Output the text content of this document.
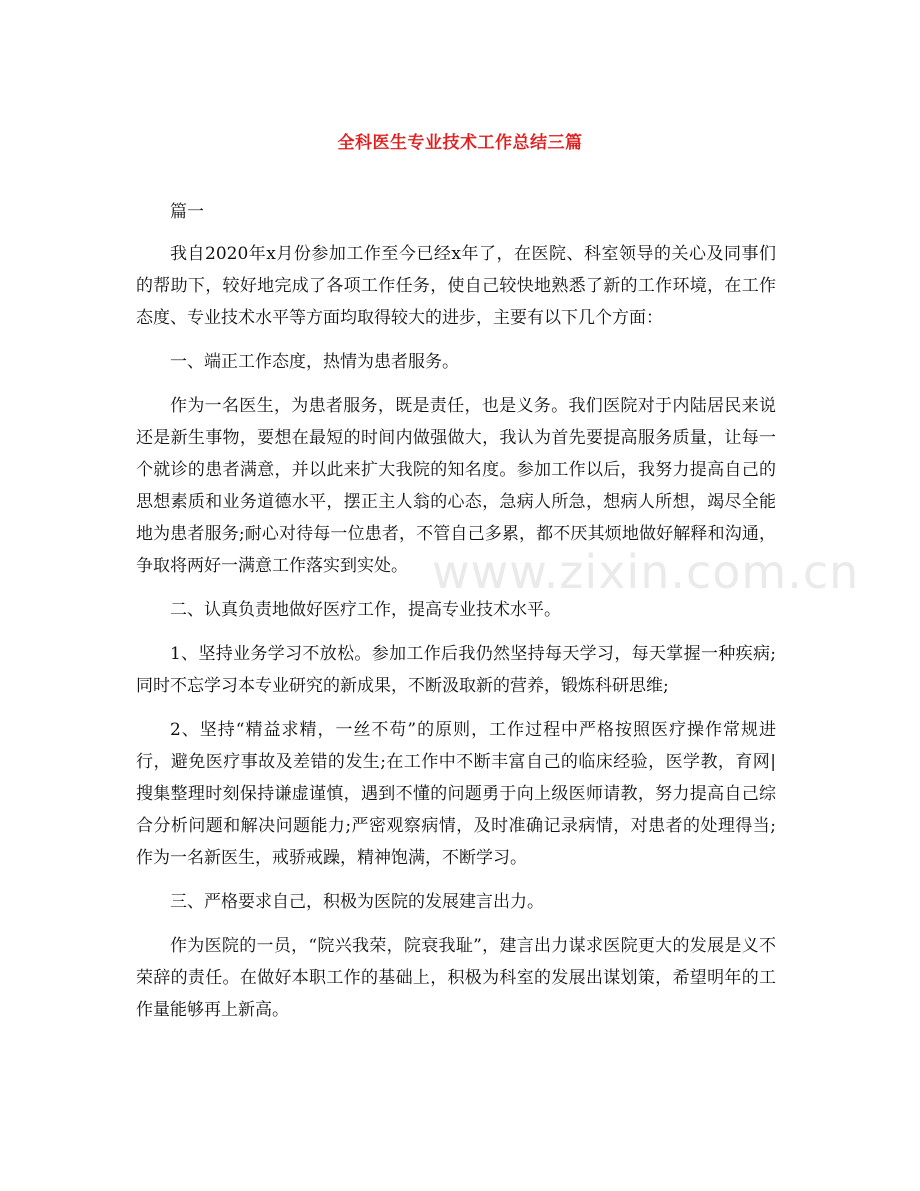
全科医生专业技术工作总结三篇

篇一

我自2020年x月份参加工作至今已经x年了，在医院、科室领导的关心及同事们的帮助下，较好地完成了各项工作任务，使自己较快地熟悉了新的工作环境，在工作态度、专业技术水平等方面均取得较大的进步，主要有以下几个方面：

一、端正工作态度，热情为患者服务。

作为一名医生，为患者服务，既是责任，也是义务。我们医院对于内陆居民来说还是新生事物，要想在最短的时间内做强做大，我认为首先要提高服务质量，让每一个就诊的患者满意，并以此来扩大我院的知名度。参加工作以后，我努力提高自己的思想素质和业务道德水平，摆正主人翁的心态，急病人所急，想病人所想，竭尽全能地为患者服务;耐心对待每一位患者，不管自己多累，都不厌其烦地做好解释和沟通，争取将两好一满意工作落实到实处。

二、认真负责地做好医疗工作，提高专业技术水平。

1、坚持业务学习不放松。参加工作后我仍然坚持每天学习，每天掌握一种疾病;同时不忘学习本专业研究的新成果，不断汲取新的营养，锻炼科研思维;

2、坚持“精益求精，一丝不苟”的原则，工作过程中严格按照医疗操作常规进行，避免医疗事故及差错的发生;在工作中不断丰富自己的临床经验，医学教，育网|搜集整理时刻保持谦虚谨慎，遇到不懂的问题勇于向上级医师请教，努力提高自己综合分析问题和解决问题能力;严密观察病情，及时准确记录病情，对患者的处理得当;作为一名新医生，戒骄戒躁，精神饱满，不断学习。

三、严格要求自己，积极为医院的发展建言出力。

作为医院的一员，“院兴我荣，院衰我耻”，建言出力谋求医院更大的发展是义不荣辞的责任。在做好本职工作的基础上，积极为科室的发展出谋划策，希望明年的工作量能够再上新高。

www.zixin.com.cn
